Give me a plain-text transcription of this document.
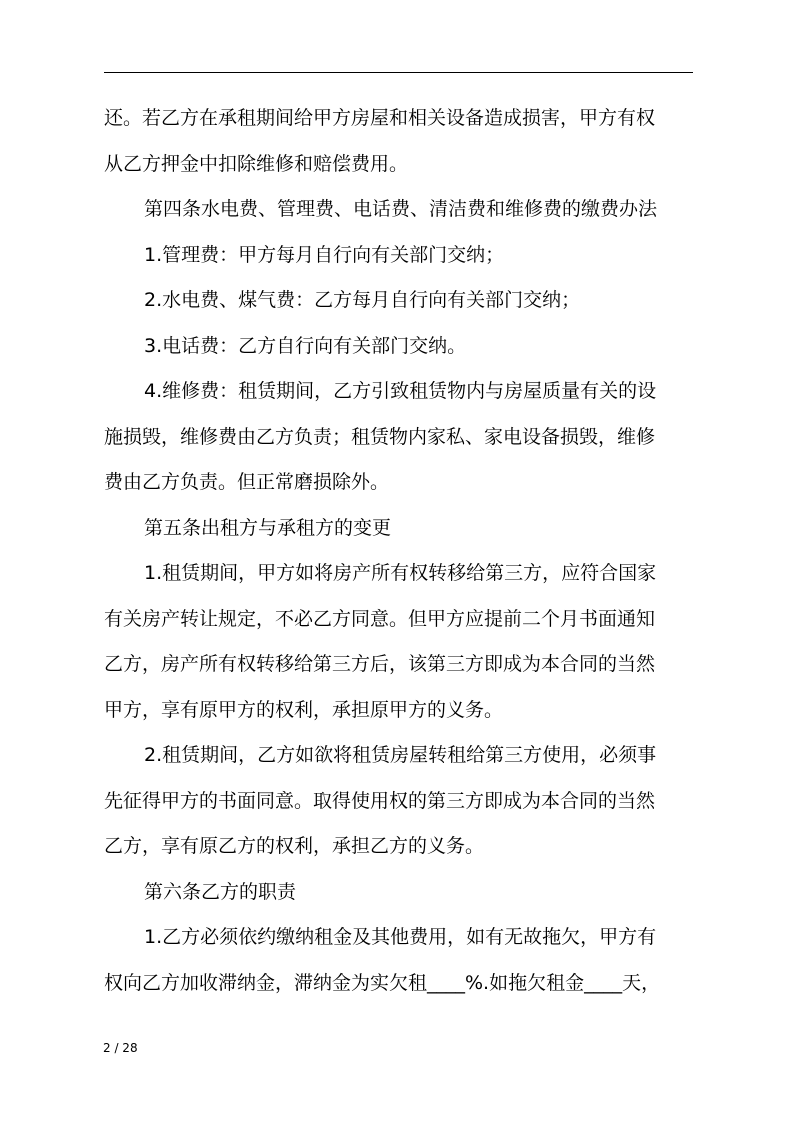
还。若乙方在承租期间给甲方房屋和相关设备造成损害，甲方有权
从乙方押金中扣除维修和赔偿费用。
第四条水电费、管理费、电话费、清洁费和维修费的缴费办法
1.管理费：甲方每月自行向有关部门交纳；
2.水电费、煤气费：乙方每月自行向有关部门交纳；
3.电话费：乙方自行向有关部门交纳。
4.维修费：租赁期间，乙方引致租赁物内与房屋质量有关的设
施损毁，维修费由乙方负责；租赁物内家私、家电设备损毁，维修
费由乙方负责。但正常磨损除外。
第五条出租方与承租方的变更
1.租赁期间，甲方如将房产所有权转移给第三方，应符合国家
有关房产转让规定，不必乙方同意。但甲方应提前二个月书面通知
乙方，房产所有权转移给第三方后，该第三方即成为本合同的当然
甲方，享有原甲方的权利，承担原甲方的义务。
2.租赁期间，乙方如欲将租赁房屋转租给第三方使用，必须事
先征得甲方的书面同意。取得使用权的第三方即成为本合同的当然
乙方，享有原乙方的权利，承担乙方的义务。
第六条乙方的职责
1.乙方必须依约缴纳租金及其他费用，如有无故拖欠，甲方有
权向乙方加收滞纳金，滞纳金为实欠租____%.如拖欠租金____天，
2 / 28
